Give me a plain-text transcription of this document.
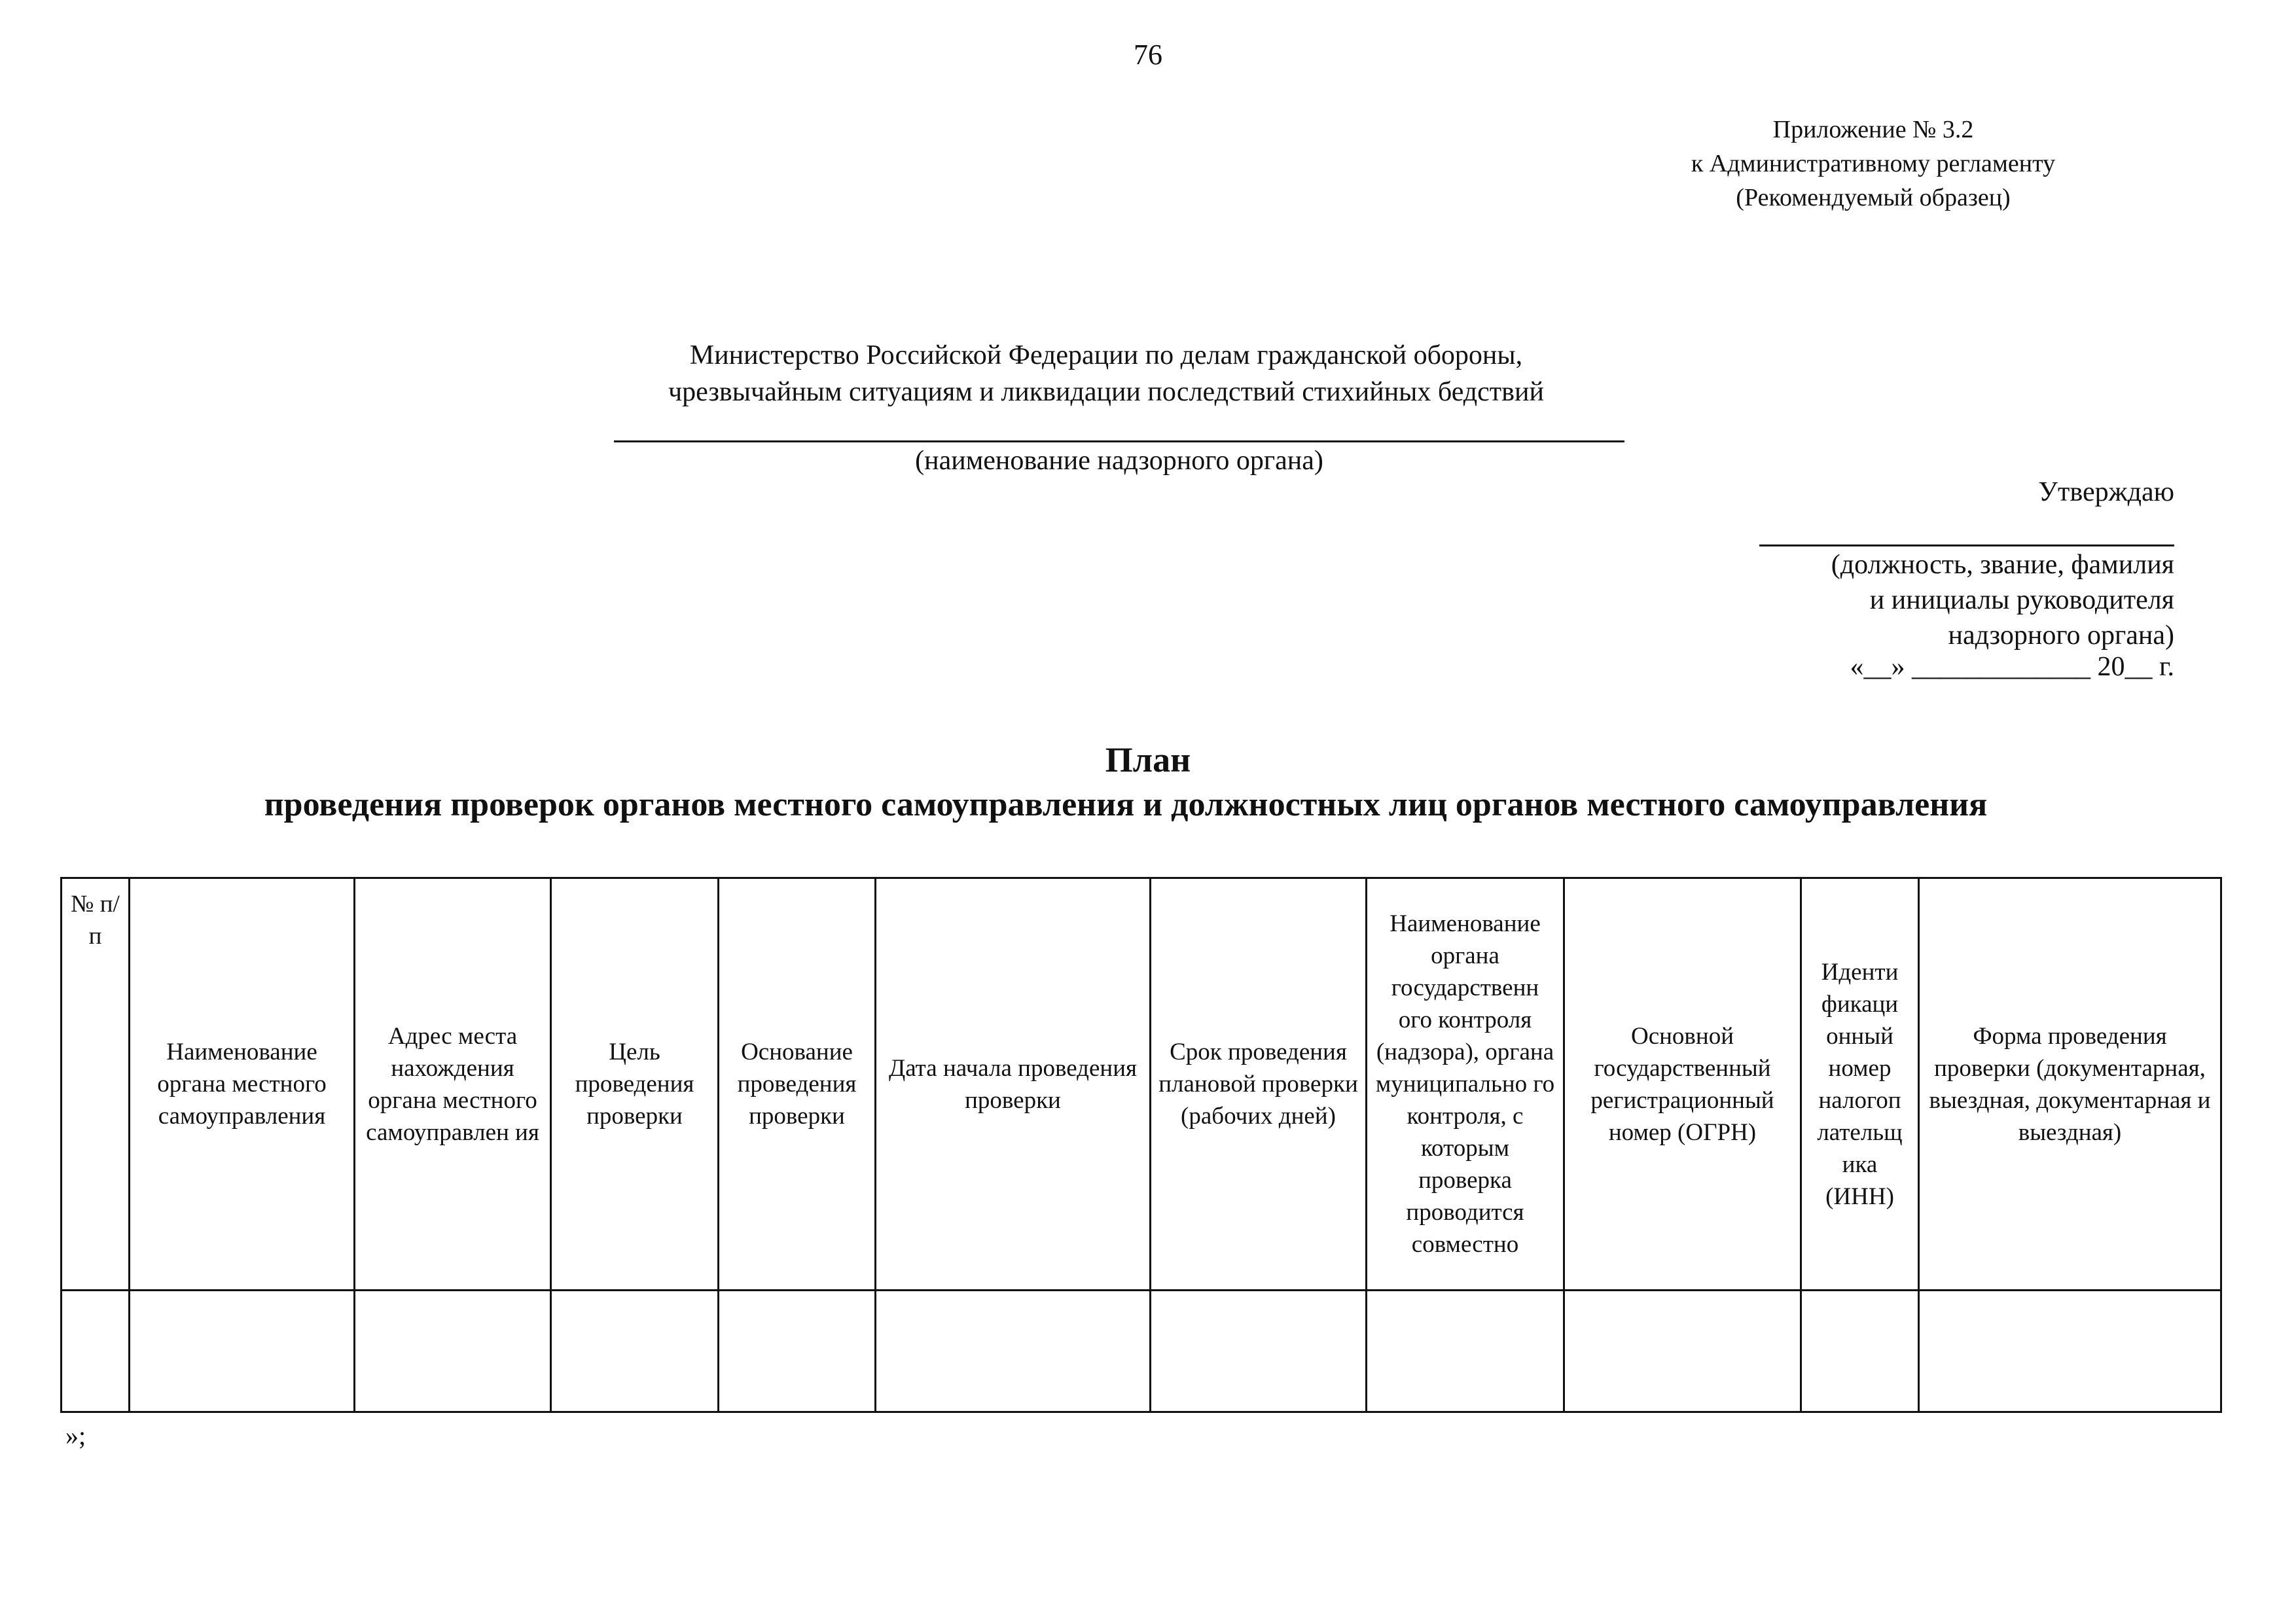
76
Приложение № 3.2
к Административному регламенту
(Рекомендуемый образец)
Министерство Российской Федерации по делам гражданской обороны,
чрезвычайным ситуациям и ликвидации последствий стихийных бедствий
(наименование надзорного органа)
Утверждаю
(должность, звание, фамилия
и инициалы руководителя
надзорного органа)
«__» _____________ 20__ г.
План
проведения проверок органов местного самоуправления и должностных лиц органов местного самоуправления
№ п/п	Наименование органа местного самоуправления	Адрес места нахождения органа местного самоуправлен ия	Цель проведения проверки	Основание проведения проверки	Дата начала проведения проверки	Срок проведения плановой проверки (рабочих дней)	Наименование органа государственн ого контроля (надзора), органа муниципально го контроля, с которым проверка проводится совместно	Основной государственный регистрационный номер (ОГРН)	Иденти фикаци онный номер налогоп лательщ ика (ИНН)	Форма проведения проверки (документарная, выездная, документарная и выездная)

»;
